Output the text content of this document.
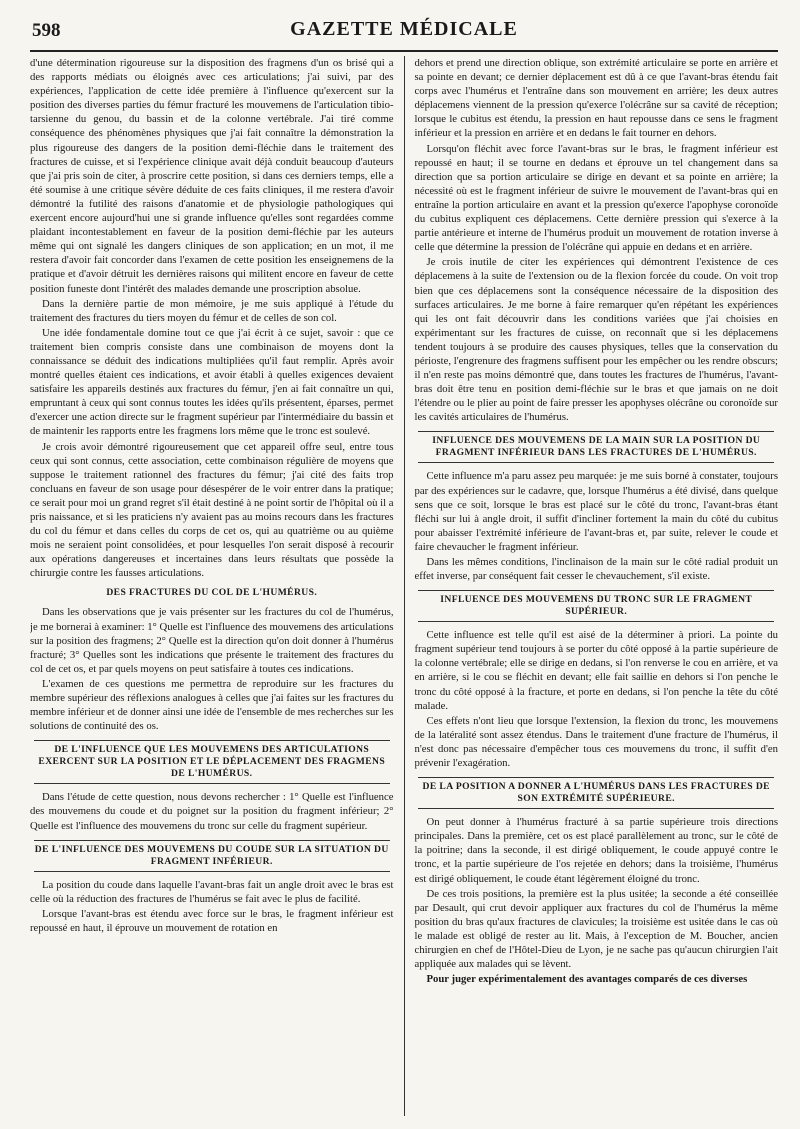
598	GAZETTE MÉDICALE

d'une détermination rigoureuse sur la disposition des fragmens d'un os brisé qui a des rapports médiats ou éloignés avec ces articulations; j'ai suivi, par des expériences, l'application de cette idée première à l'influence qu'exercent sur la position des diverses parties du fémur fracturé les mouvemens de l'articulation tibio-tarsienne du genou, du bassin et de la colonne vertébrale. J'ai tiré comme conséquence des phénomènes physiques que j'ai fait connaître la démonstration la plus rigoureuse des dangers de la position demi-fléchie dans le traitement des fractures de cuisse, et si l'expérience clinique avait déjà conduit beaucoup d'auteurs que j'ai pris soin de citer, à proscrire cette position, si dans ces derniers temps, elle a été soumise à une critique sévère déduite de ces faits cliniques, il me restera d'avoir démontré la futilité des raisons d'anatomie et de physiologie pathologiques qui exercent encore aujourd'hui une si grande influence qu'elles sont regardées comme plaidant incontestablement en faveur de la position demi-fléchie par les auteurs même qui ont signalé les dangers cliniques de son application; en un mot, il me restera d'avoir fait concorder dans l'examen de cette position les enseignemens de la pratique et d'avoir détruit les dernières raisons qui militent encore en faveur de cette position funeste dont l'intérêt des malades demande une proscription absolue.

Dans la dernière partie de mon mémoire, je me suis appliqué à l'étude du traitement des fractures du tiers moyen du fémur et de celles de son col.

Une idée fondamentale domine tout ce que j'ai écrit à ce sujet, savoir : que ce traitement bien compris consiste dans une combinaison de moyens dont la connaissance se déduit des indications multipliées qu'il faut remplir. Après avoir montré quelles étaient ces indications, et avoir établi à quelles exigences devaient satisfaire les appareils destinés aux fractures du fémur, j'en ai fait connaître un qui, empruntant à ceux qui sont connus toutes les idées qu'ils présentent, éparses, permet d'exercer une action directe sur le fragment supérieur par l'intermédiaire du bassin et de maintenir les rapports entre les fragmens lors même que le tronc est soulevé.

Je crois avoir démontré rigoureusement que cet appareil offre seul, entre tous ceux qui sont connus, cette association, cette combinaison régulière de moyens que suppose le traitement rationnel des fractures du fémur; j'ai cité des faits trop concluans en faveur de son usage pour désespérer de le voir entrer dans la pratique; ce serait pour moi un grand regret s'il était destiné à ne point sortir de l'hôpital où il a pris naissance, et si les praticiens n'y avaient pas au moins recours dans les fractures du col du fémur et dans celles du corps de cet os, qui au quatrième ou au quième mois ne seraient point consolidées, et pour lesquelles l'on serait disposé à recourir aux opérations dangereuses et incertaines dans leurs résultats que possède la chirurgie contre les fausses articulations.

DES FRACTURES DU COL DE L'HUMÉRUS.

Dans les observations que je vais présenter sur les fractures du col de l'humérus, je me bornerai à examiner: 1° Quelle est l'influence des mouvemens des articulations sur la position des fragmens; 2° Quelle est la direction qu'on doit donner à l'humérus fracturé; 3° Quelles sont les indications que présente le traitement des fractures du col de cet os, et par quels moyens on peut satisfaire à toutes ces indications.

L'examen de ces questions me permettra de reproduire sur les fractures du membre supérieur des réflexions analogues à celles que j'ai faites sur les fractures du membre inférieur et de donner ainsi une idée de l'ensemble de mes recherches sur les solutions de continuité des os.

DE L'INFLUENCE QUE LES MOUVEMENS DES ARTICULATIONS EXERCENT SUR LA POSITION ET LE DÉPLACEMENT DES FRAGMENS DE L'HUMÉRUS.

Dans l'étude de cette question, nous devons rechercher : 1° Quelle est l'influence des mouvemens du coude et du poignet sur la position du fragment inférieur; 2° Quelle est l'influence des mouvemens du tronc sur celle du fragment supérieur.

DE L'INFLUENCE DES MOUVEMENS DU COUDE SUR LA SITUATION DU FRAGMENT INFÉRIEUR.

La position du coude dans laquelle l'avant-bras fait un angle droit avec le bras est celle où la réduction des fractures de l'humérus se fait avec le plus de facilité.

Lorsque l'avant-bras est étendu avec force sur le bras, le fragment inférieur est repoussé en haut, il éprouve un mouvement de rotation en

dehors et prend une direction oblique, son extrémité articulaire se porte en arrière et sa pointe en devant; ce dernier déplacement est dû à ce que l'avant-bras étendu fait corps avec l'humérus et l'entraîne dans son mouvement en arrière; les deux autres déplacemens viennent de la pression qu'exerce l'olécrâne sur sa cavité de réception; lorsque le cubitus est étendu, la pression en haut repousse dans ce sens le fragment inférieur et la pression en arrière et en dedans le fait tourner en dehors.

Lorsqu'on fléchit avec force l'avant-bras sur le bras, le fragment inférieur est repoussé en haut; il se tourne en dedans et éprouve un tel changement dans sa direction que sa portion articulaire se dirige en devant et sa pointe en arrière; la nécessité où est le fragment inférieur de suivre le mouvement de l'avant-bras qui en entraîne la portion articulaire en avant et la pression qu'exerce l'apophyse coronoïde du cubitus expliquent ces déplacemens. Cette dernière pression qui s'exerce à la partie antérieure et interne de l'humérus produit un mouvement de rotation inverse à celle que détermine la pression de l'olécrâne qui appuie en dedans et en arrière.

Je crois inutile de citer les expériences qui démontrent l'existence de ces déplacemens à la suite de l'extension ou de la flexion forcée du coude. On voit trop bien que ces déplacemens sont la conséquence nécessaire de la disposition des surfaces articulaires. Je me borne à faire remarquer qu'en répétant les expériences qui les ont fait découvrir dans les conditions variées que j'ai choisies en expérimentant sur les fractures de cuisse, on reconnaît que si les déplacemens tendent toujours à se produire des causes physiques, telles que la conservation du périoste, l'engrenure des fragmens suffisent pour les empêcher ou les rendre obscurs; il n'en reste pas moins démontré que, dans toutes les fractures de l'humérus, l'avant-bras doit être tenu en position demi-fléchie sur le bras et que jamais on ne doit l'étendre ou le plier au point de faire presser les apophyses olécrâne ou coronoïde sur les cavités articulaires de l'humérus.

INFLUENCE DES MOUVEMENS DE LA MAIN SUR LA POSITION DU FRAGMENT INFÉRIEUR DANS LES FRACTURES DE L'HUMÉRUS.

Cette influence m'a paru assez peu marquée: je me suis borné à constater, toujours par des expériences sur le cadavre, que, lorsque l'humérus a été divisé, dans quelque sens que ce soit, lorsque le bras est placé sur le côté du tronc, l'avant-bras étant fléchi sur lui à angle droit, il suffit d'incliner fortement la main du côté du cubitus pour abaisser l'extrémité inférieure de l'avant-bras et, par suite, relever le coude et faire chevaucher le fragment inférieur.

Dans les mêmes conditions, l'inclinaison de la main sur le côté radial produit un effet inverse, par conséquent fait cesser le chevauchement, s'il existe.

INFLUENCE DES MOUVEMENS DU TRONC SUR LE FRAGMENT SUPÉRIEUR.

Cette influence est telle qu'il est aisé de la déterminer à priori. La pointe du fragment supérieur tend toujours à se porter du côté opposé à la partie supérieure de la colonne vertébrale; elle se dirige en dedans, si l'on renverse le cou en arrière, et va en arrière, si le cou se fléchit en devant; elle fait saillie en dehors si l'on penche le tronc du côté opposé à la fracture, et porte en dedans, si l'on penche la tête du côté malade.

Ces effets n'ont lieu que lorsque l'extension, la flexion du tronc, les mouvemens de la latéralité sont assez étendus. Dans le traitement d'une fracture de l'humérus, il n'est donc pas nécessaire d'empêcher tous ces mouvemens du tronc, il suffit d'en prévenir l'exagération.

DE LA POSITION A DONNER A L'HUMÉRUS DANS LES FRACTURES DE SON EXTRÉMITÉ SUPÉRIEURE.

On peut donner à l'humérus fracturé à sa partie supérieure trois directions principales. Dans la première, cet os est placé parallèlement au tronc, sur le côté de la poitrine; dans la seconde, il est dirigé obliquement, le coude appuyé contre le tronc, et la partie supérieure de l'os rejetée en dehors; dans la troisième, l'humérus est dirigé obliquement, le coude étant légèrement éloigné du tronc.

De ces trois positions, la première est la plus usitée; la seconde a été conseillée par Desault, qui crut devoir appliquer aux fractures du col de l'humérus la même position du bras qu'aux fractures de clavicules; la troisième est usitée dans le cas où le malade est obligé de rester au lit. Mais, à l'exception de M. Boucher, ancien chirurgien en chef de l'Hôtel-Dieu de Lyon, je ne sache pas qu'aucun chirurgien l'ait appliquée aux malades qui se lèvent.

Pour juger expérimentalement des avantages comparés de ces diverses
